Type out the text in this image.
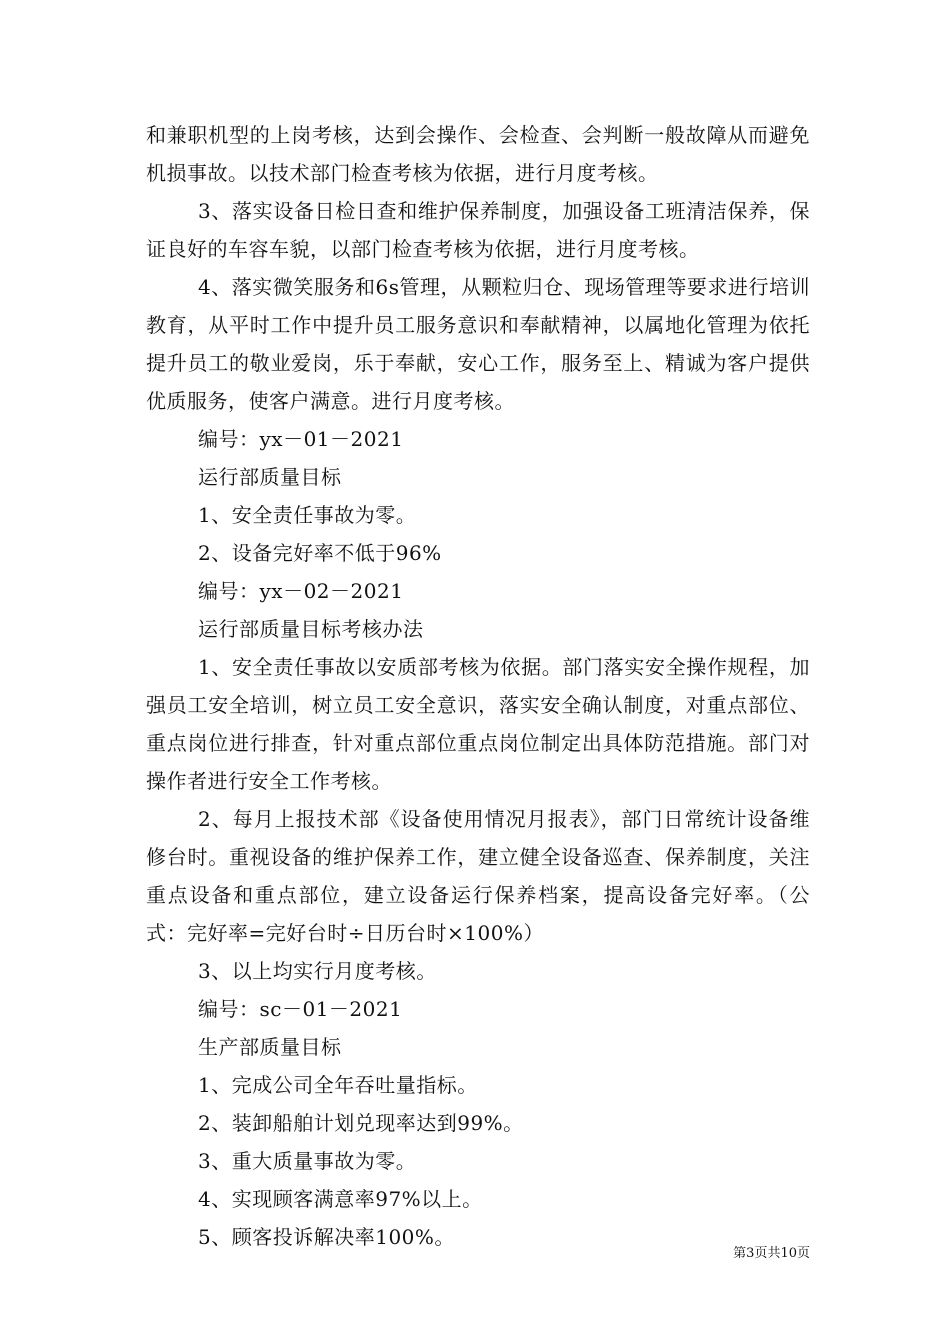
和兼职机型的上岗考核，达到会操作、会检查、会判断一般故障从而避免机损事故。以技术部门检查考核为依据，进行月度考核。

3、落实设备日检日查和维护保养制度，加强设备工班清洁保养，保证良好的车容车貌，以部门检查考核为依据，进行月度考核。

4、落实微笑服务和6s管理，从颗粒归仓、现场管理等要求进行培训教育，从平时工作中提升员工服务意识和奉献精神，以属地化管理为依托提升员工的敬业爱岗，乐于奉献，安心工作，服务至上、精诚为客户提供优质服务，使客户满意。进行月度考核。

编号：yx－01－2021

运行部质量目标

1、安全责任事故为零。

2、设备完好率不低于96%

编号：yx－02－2021

运行部质量目标考核办法

1、安全责任事故以安质部考核为依据。部门落实安全操作规程，加强员工安全培训，树立员工安全意识，落实安全确认制度，对重点部位、重点岗位进行排查，针对重点部位重点岗位制定出具体防范措施。部门对操作者进行安全工作考核。

2、每月上报技术部《设备使用情况月报表》，部门日常统计设备维修台时。重视设备的维护保养工作，建立健全设备巡查、保养制度，关注重点设备和重点部位，建立设备运行保养档案，提高设备完好率。（公式：完好率=完好台时÷日历台时×100%）

3、以上均实行月度考核。

编号：sc－01－2021

生产部质量目标

1、完成公司全年吞吐量指标。

2、装卸船舶计划兑现率达到99%。

3、重大质量事故为零。

4、实现顾客满意率97%以上。

5、顾客投诉解决率100%。

第3页共10页
